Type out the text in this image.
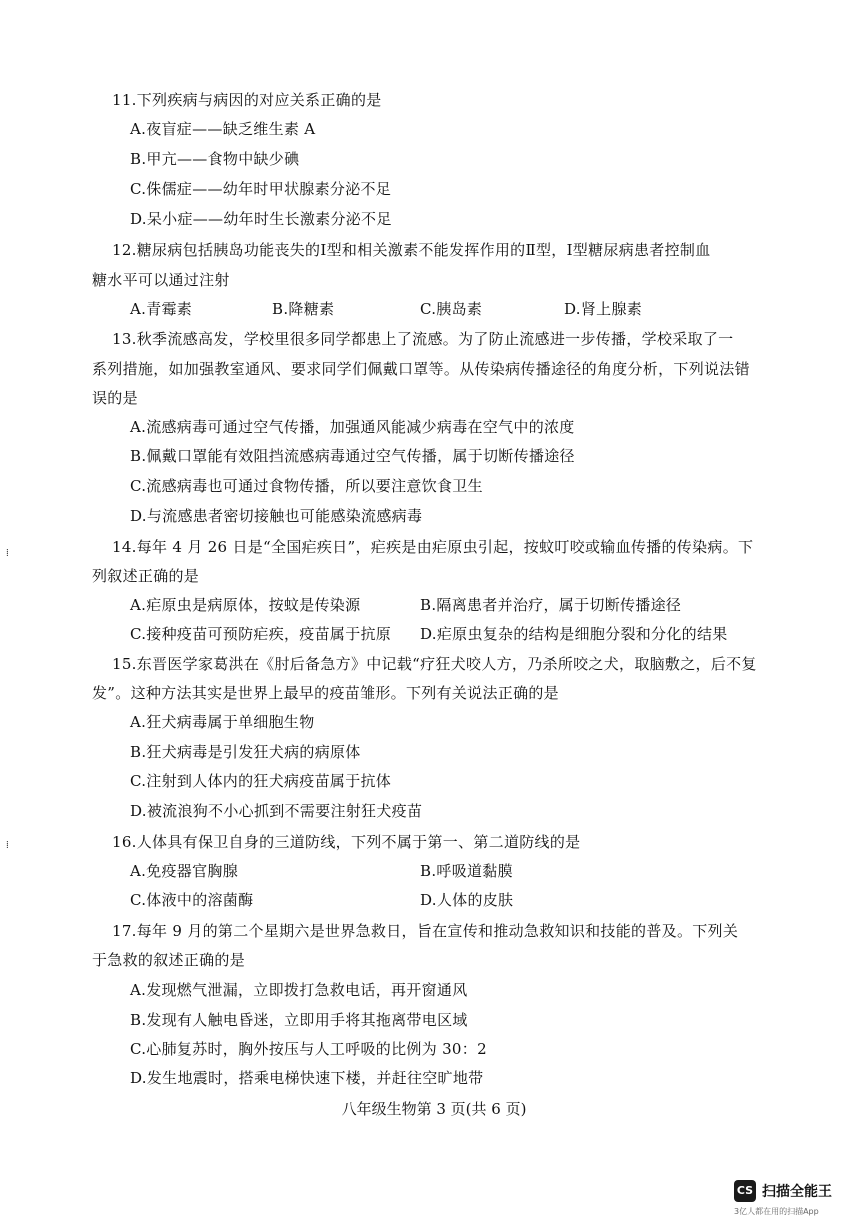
11.下列疾病与病因的对应关系正确的是
A.夜盲症——缺乏维生素 A
B.甲亢——食物中缺少碘
C.侏儒症——幼年时甲状腺素分泌不足
D.呆小症——幼年时生长激素分泌不足
12.糖尿病包括胰岛功能丧失的Ⅰ型和相关激素不能发挥作用的Ⅱ型，Ⅰ型糖尿病患者控制血
糖水平可以通过注射
A.青霉素	B.降糖素	C.胰岛素	D.肾上腺素
13.秋季流感高发，学校里很多同学都患上了流感。为了防止流感进一步传播，学校采取了一
系列措施，如加强教室通风、要求同学们佩戴口罩等。从传染病传播途径的角度分析，下列说法错
误的是
A.流感病毒可通过空气传播，加强通风能减少病毒在空气中的浓度
B.佩戴口罩能有效阻挡流感病毒通过空气传播，属于切断传播途径
C.流感病毒也可通过食物传播，所以要注意饮食卫生
D.与流感患者密切接触也可能感染流感病毒
14.每年 4 月 26 日是“全国疟疾日”，疟疾是由疟原虫引起，按蚊叮咬或输血传播的传染病。下
列叙述正确的是
A.疟原虫是病原体，按蚊是传染源	B.隔离患者并治疗，属于切断传播途径
C.接种疫苗可预防疟疾，疫苗属于抗原 D.疟原虫复杂的结构是细胞分裂和分化的结果
15.东晋医学家葛洪在《肘后备急方》中记载“疗狂犬咬人方，乃杀所咬之犬，取脑敷之，后不复
发”。这种方法其实是世界上最早的疫苗雏形。下列有关说法正确的是
A.狂犬病毒属于单细胞生物
B.狂犬病毒是引发狂犬病的病原体
C.注射到人体内的狂犬病疫苗属于抗体
D.被流浪狗不小心抓到不需要注射狂犬疫苗
16.人体具有保卫自身的三道防线，下列不属于第一、第二道防线的是
A.免疫器官胸腺	B.呼吸道黏膜
C.体液中的溶菌酶	D.人体的皮肤
17.每年 9 月的第二个星期六是世界急救日，旨在宣传和推动急救知识和技能的普及。下列关
于急救的叙述正确的是
A.发现燃气泄漏，立即拨打急救电话，再开窗通风
B.发现有人触电昏迷，立即用手将其拖离带电区域
C.心肺复苏时，胸外按压与人工呼吸的比例为 30：2
D.发生地震时，搭乘电梯快速下楼，并赶往空旷地带
八年级生物第 3 页(共 6 页)
⁞
⁞
CS 扫描全能王
3亿人都在用的扫描App
